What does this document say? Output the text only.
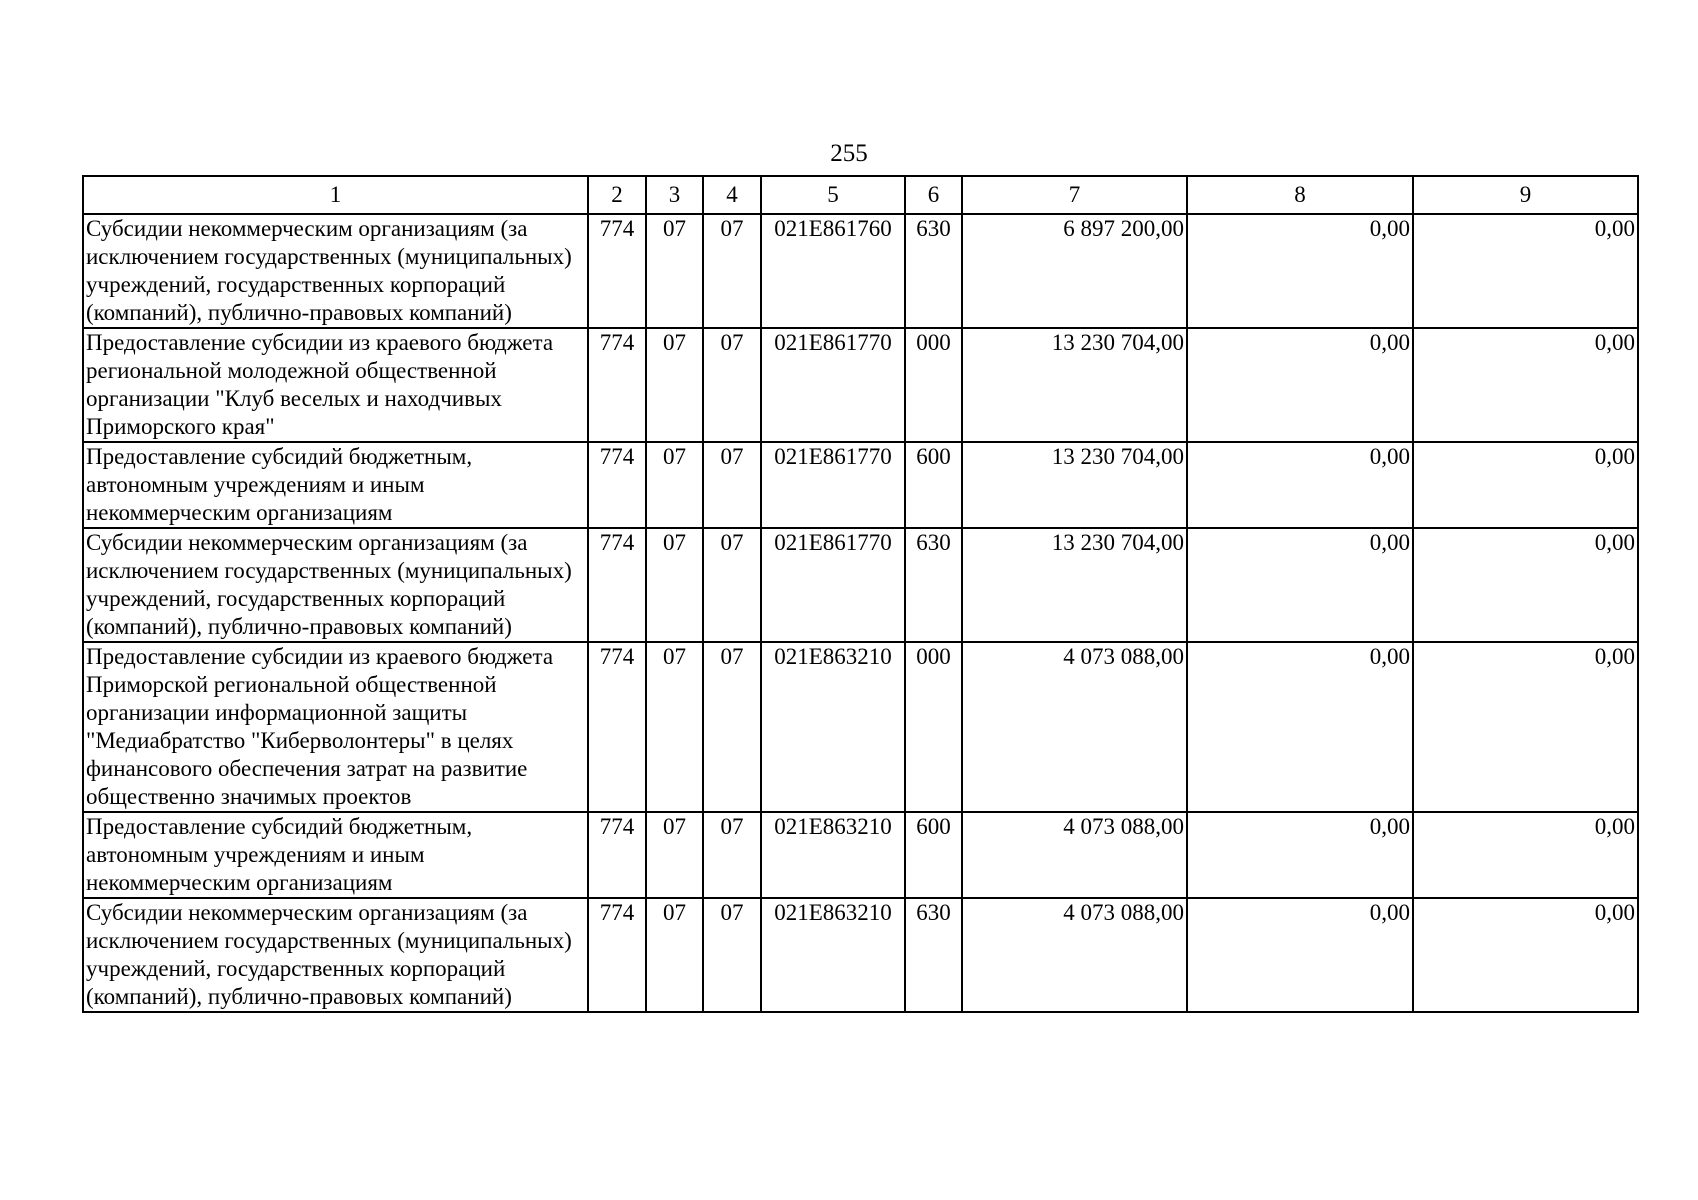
255
1	2	3	4	5	6	7	8	9
Субсидии некоммерческим организациям (за исключением государственных (муниципальных) учреждений, государственных корпораций (компаний), публично-правовых компаний)	774	07	07	021E861760	630	6 897 200,00	0,00	0,00
Предоставление субсидии из краевого бюджета региональной молодежной общественной организации "Клуб веселых и находчивых Приморского края"	774	07	07	021E861770	000	13 230 704,00	0,00	0,00
Предоставление субсидий бюджетным, автономным учреждениям и иным некоммерческим организациям	774	07	07	021E861770	600	13 230 704,00	0,00	0,00
Субсидии некоммерческим организациям (за исключением государственных (муниципальных) учреждений, государственных корпораций (компаний), публично-правовых компаний)	774	07	07	021E861770	630	13 230 704,00	0,00	0,00
Предоставление субсидии из краевого бюджета Приморской региональной общественной организации информационной защиты "Медиабратство "Киберволонтеры" в целях финансового обеспечения затрат на развитие общественно значимых проектов	774	07	07	021E863210	000	4 073 088,00	0,00	0,00
Предоставление субсидий бюджетным, автономным учреждениям и иным некоммерческим организациям	774	07	07	021E863210	600	4 073 088,00	0,00	0,00
Субсидии некоммерческим организациям (за исключением государственных (муниципальных) учреждений, государственных корпораций (компаний), публично-правовых компаний)	774	07	07	021E863210	630	4 073 088,00	0,00	0,00
